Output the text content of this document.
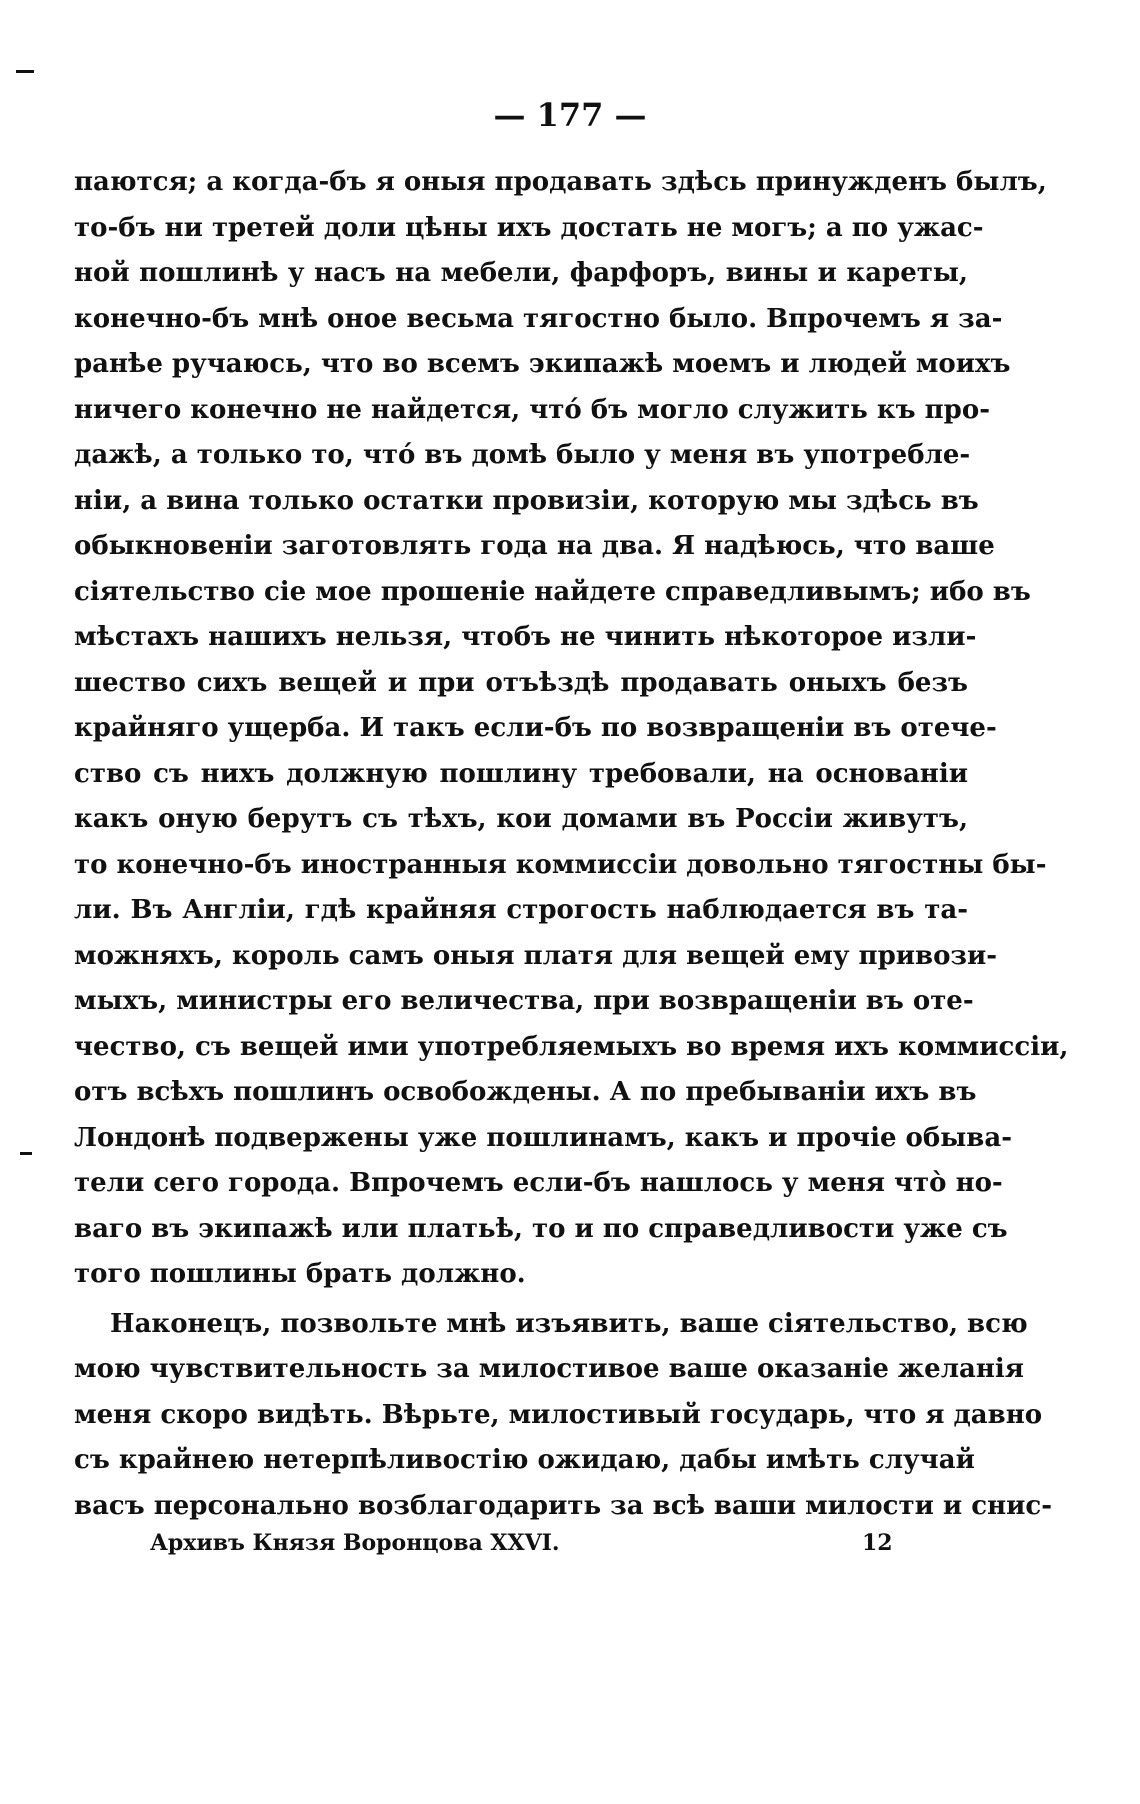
— 177 —
паются; а когда-бъ я оныя продавать здѣсь принужденъ былъ,
то-бъ ни третей доли цѣны ихъ достать не могъ; а по ужас-
ной пошлинѣ у насъ на мебели, фарфоръ, вины и кареты,
конечно-бъ мнѣ оное весьма тягостно было. Впрочемъ я за-
ранѣе ручаюсь, что во всемъ экипажѣ моемъ и людей моихъ
ничего конечно не найдется, что́ бъ могло служить къ про-
дажѣ, а только то, что́ въ домѣ было у меня въ употребле-
нiи, а вина только остатки провизiи, которую мы здѣсь въ
обыкновенiи заготовлять года на два. Я надѣюсь, что ваше
сiятельство сiе мое прошенiе найдете справедливымъ; ибо въ
мѣстахъ нашихъ нельзя, чтобъ не чинить нѣкоторое изли-
шество сихъ вещей и при отъѣздѣ продавать оныхъ безъ
крайняго ущерба. И такъ если-бъ по возвращенiи въ отече-
ство съ нихъ должную пошлину требовали, на основанiи
какъ оную берутъ съ тѣхъ, кои домами въ Россiи живутъ,
то конечно-бъ иностранныя коммиссiи довольно тягостны бы-
ли. Въ Англiи, гдѣ крайняя строгость наблюдается въ та-
можняхъ, король самъ оныя платя для вещей ему привози-
мыхъ, министры его величества, при возвращенiи въ оте-
чество, съ вещей ими употребляемыхъ во время ихъ коммиссiи,
отъ всѣхъ пошлинъ освобождены. А по пребыванiи ихъ въ
Лондонѣ подвержены уже пошлинамъ, какъ и прочiе обыва-
тели сего города. Впрочемъ если-бъ нашлось у меня что̀ но-
ваго въ экипажѣ или платьѣ, то и по справедливости уже съ
того пошлины брать должно.
Наконецъ, позвольте мнѣ изъявить, ваше сiятельство, всю
мою чувствительность за милостивое ваше оказанiе желанiя
меня скоро видѣть. Вѣрьте, милостивый государь, что я давно
съ крайнею нетерпѣливостiю ожидаю, дабы имѣть случай
васъ персонально возблагодарить за всѣ ваши милости и снис-
Архивъ Князя Воронцова XXVI.	12
